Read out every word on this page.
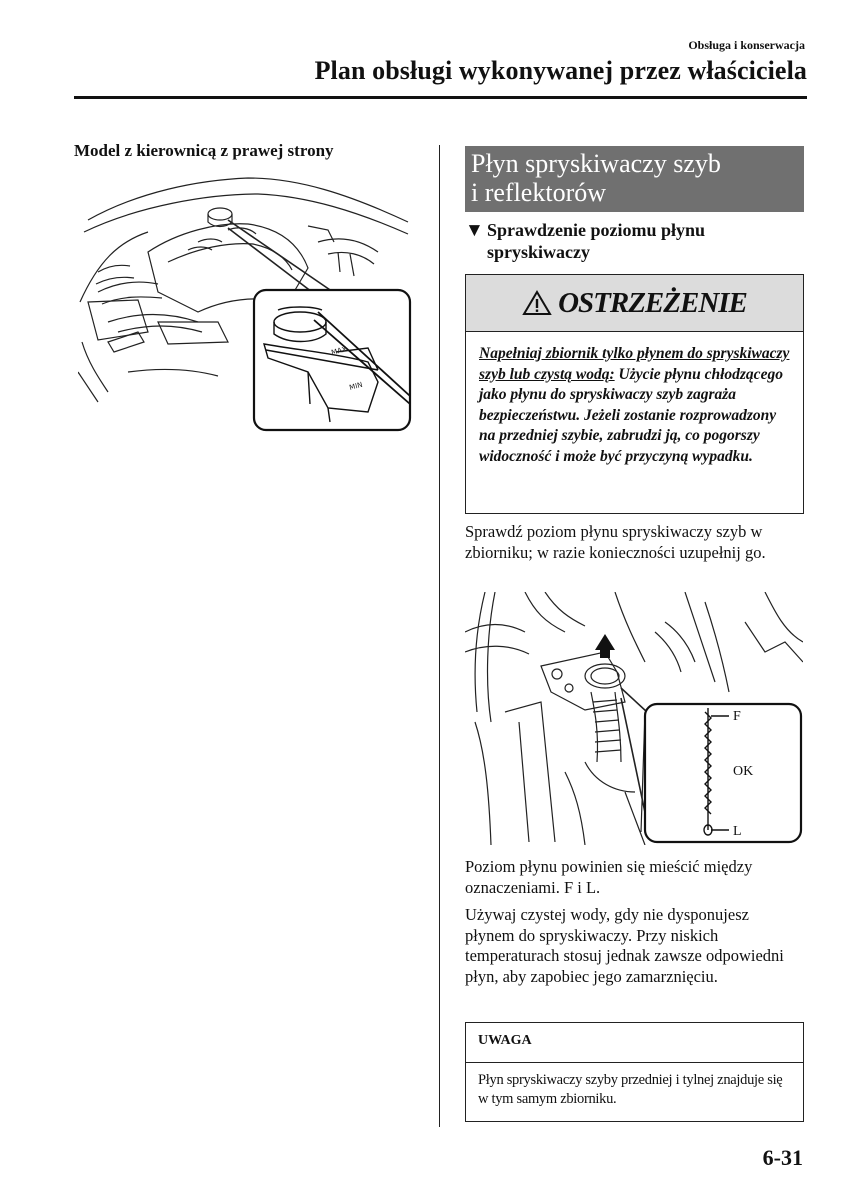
Obsługa i konserwacja
Plan obsługi wykonywanej przez właściciela
Model z kierownicą z prawej strony
MAX
MIN
Płyn spryskiwaczy szyb
i reflektorów
▼ Sprawdzenie poziomu płynu spryskiwaczy
OSTRZEŻENIE
Napełniaj zbiornik tylko płynem do spryskiwaczy szyb lub czystą wodą: Użycie płynu chłodzącego jako płynu do spryskiwaczy szyb zagraża bezpieczeństwu. Jeżeli zostanie rozprowadzony na przedniej szybie, zabrudzi ją, co pogorszy widoczność i może być przyczyną wypadku.
Sprawdź poziom płynu spryskiwaczy szyb w zbiorniku; w razie konieczności uzupełnij go.
F
OK
L
Poziom płynu powinien się mieścić między oznaczeniami. F i L.
Używaj czystej wody, gdy nie dysponujesz płynem do spryskiwaczy. Przy niskich temperaturach stosuj jednak zawsze odpowiedni płyn, aby zapobiec jego zamarznięciu.
UWAGA
Płyn spryskiwaczy szyby przedniej i tylnej znajduje się w tym samym zbiorniku.
6-31
